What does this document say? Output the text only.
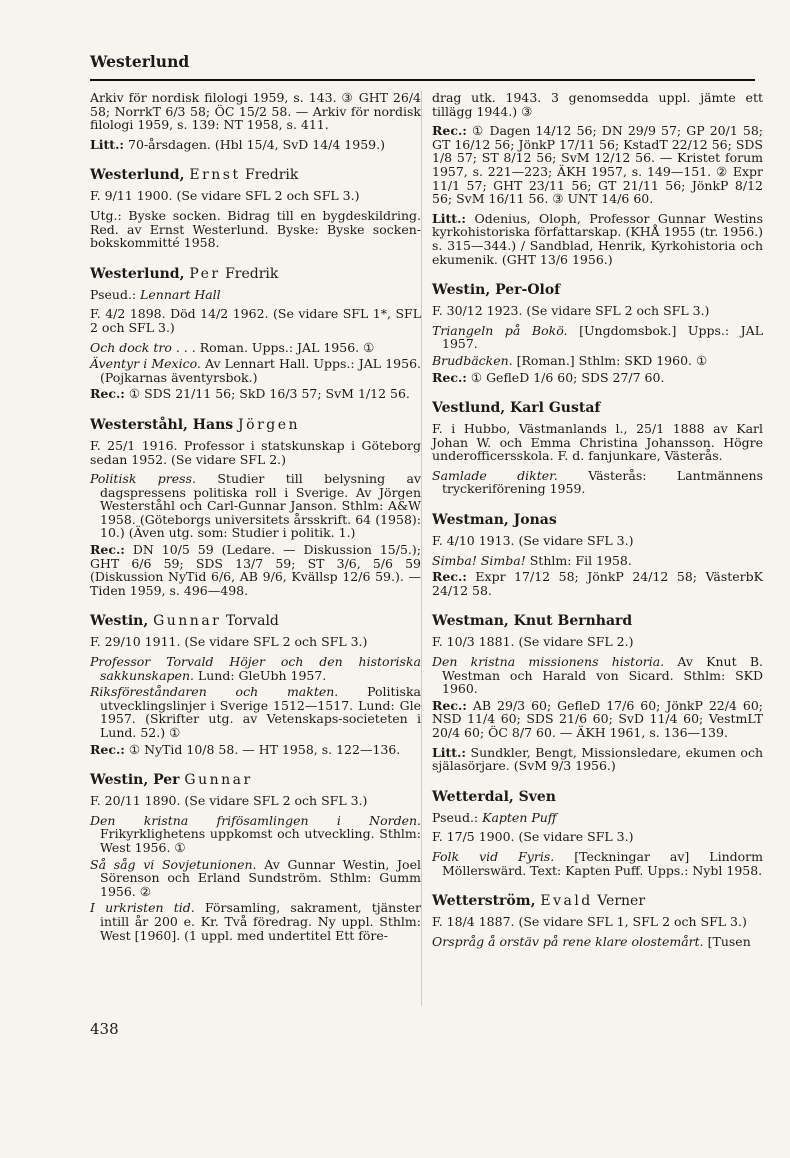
Westerlund
Arkiv för nordisk filologi 1959, s. 143. ③ GHT 26/4 58; NorrkT 6/3 58; ÖC 15/2 58. — Arkiv för nordisk filologi 1959, s. 139: NT 1958, s. 411.
Litt.: 70-årsdagen. (Hbl 15/4, SvD 14/4 1959.)
Westerlund, Ernst Fredrik
F. 9/11 1900. (Se vidare SFL 2 och SFL 3.)
Utg.: Byske socken. Bidrag till en bygdeskildring. Red. av Ernst Westerlund. Byske: Byske socken-bokskommitté 1958.
Westerlund, Per Fredrik
Pseud.: Lennart Hall
F. 4/2 1898. Död 14/2 1962. (Se vidare SFL 1*, SFL 2 och SFL 3.)
Och dock tro . . . Roman. Upps.: JAL 1956. ①
Äventyr i Mexico. Av Lennart Hall. Upps.: JAL 1956. (Pojkarnas äventyrsbok.)
Rec.: ① SDS 21/11 56; SkD 16/3 57; SvM 1/12 56.
Westerståhl, Hans Jörgen
F. 25/1 1916. Professor i statskunskap i Göteborg sedan 1952. (Se vidare SFL 2.)
Politisk press. Studier till belysning av dagspressens politiska roll i Sverige. Av Jörgen Westerståhl och Carl-Gunnar Janson. Sthlm: A&W 1958. (Göteborgs universitets årsskrift. 64 (1958): 10.) (Även utg. som: Studier i politik. 1.)
Rec.: DN 10/5 59 (Ledare. — Diskussion 15/5.); GHT 6/6 59; SDS 13/7 59; ST 3/6, 5/6 59 (Diskussion NyTid 6/6, AB 9/6, Kvällsp 12/6 59.). — Tiden 1959, s. 496—498.
Westin, Gunnar Torvald
F. 29/10 1911. (Se vidare SFL 2 och SFL 3.)
Professor Torvald Höjer och den historiska sakkunskapen. Lund: GleUbh 1957.
Riksföreståndaren och makten. Politiska utvecklingslinjer i Sverige 1512—1517. Lund: Gle 1957. (Skrifter utg. av Vetenskaps-societeten i Lund. 52.) ①
Rec.: ① NyTid 10/8 58. — HT 1958, s. 122—136.
Westin, Per Gunnar
F. 20/11 1890. (Se vidare SFL 2 och SFL 3.)
Den kristna frifösamlingen i Norden. Frikyrklighetens uppkomst och utveckling. Sthlm: West 1956. ①
Så såg vi Sovjetunionen. Av Gunnar Westin, Joel Sörenson och Erland Sundström. Sthlm: Gumm 1956. ②
I urkristen tid. Församling, sakrament, tjänster intill år 200 e. Kr. Två föredrag. Ny uppl. Sthlm: West [1960]. (1 uppl. med undertitel Ett före-
drag utk. 1943. 3 genomsedda uppl. jämte ett tillägg 1944.) ③
Rec.: ① Dagen 14/12 56; DN 29/9 57; GP 20/1 58; GT 16/12 56; JönkP 17/11 56; KstadT 22/12 56; SDS 1/8 57; ST 8/12 56; SvM 12/12 56. — Kristet forum 1957, s. 221—223; ÄKH 1957, s. 149—151. ② Expr 11/1 57; GHT 23/11 56; GT 21/11 56; JönkP 8/12 56; SvM 16/11 56. ③ UNT 14/6 60.
Litt.: Odenius, Oloph, Professor Gunnar Westins kyrkohistoriska författarskap. (KHÅ 1955 (tr. 1956.) s. 315—344.) / Sandblad, Henrik, Kyrkohistoria och ekumenik. (GHT 13/6 1956.)
Westin, Per-Olof
F. 30/12 1923. (Se vidare SFL 2 och SFL 3.)
Triangeln på Bokö. [Ungdomsbok.] Upps.: JAL 1957.
Brudbäcken. [Roman.] Sthlm: SKD 1960. ①
Rec.: ① GefleD 1/6 60; SDS 27/7 60.
Vestlund, Karl Gustaf
F. i Hubbo, Västmanlands l., 25/1 1888 av Karl Johan W. och Emma Christina Johansson. Högre underofficersskola. F. d. fanjunkare, Västerås.
Samlade dikter. Västerås: Lantmännens tryckeriförening 1959.
Westman, Jonas
F. 4/10 1913. (Se vidare SFL 3.)
Simba! Simba! Sthlm: Fil 1958.
Rec.: Expr 17/12 58; JönkP 24/12 58; VästerbK 24/12 58.
Westman, Knut Bernhard
F. 10/3 1881. (Se vidare SFL 2.)
Den kristna missionens historia. Av Knut B. Westman och Harald von Sicard. Sthlm: SKD 1960.
Rec.: AB 29/3 60; GefleD 17/6 60; JönkP 22/4 60; NSD 11/4 60; SDS 21/6 60; SvD 11/4 60; VestmLT 20/4 60; ÖC 8/7 60. — ÄKH 1961, s. 136—139.
Litt.: Sundkler, Bengt, Missionsledare, ekumen och själasörjare. (SvM 9/3 1956.)
Wetterdal, Sven
Pseud.: Kapten Puff
F. 17/5 1900. (Se vidare SFL 3.)
Folk vid Fyris. [Teckningar av] Lindorm Möllerswärd. Text: Kapten Puff. Upps.: Nybl 1958.
Wetterström, Evald Verner
F. 18/4 1887. (Se vidare SFL 1, SFL 2 och SFL 3.)
Orspråg å orstäv på rene klare olostemårt. [Tusen
438
